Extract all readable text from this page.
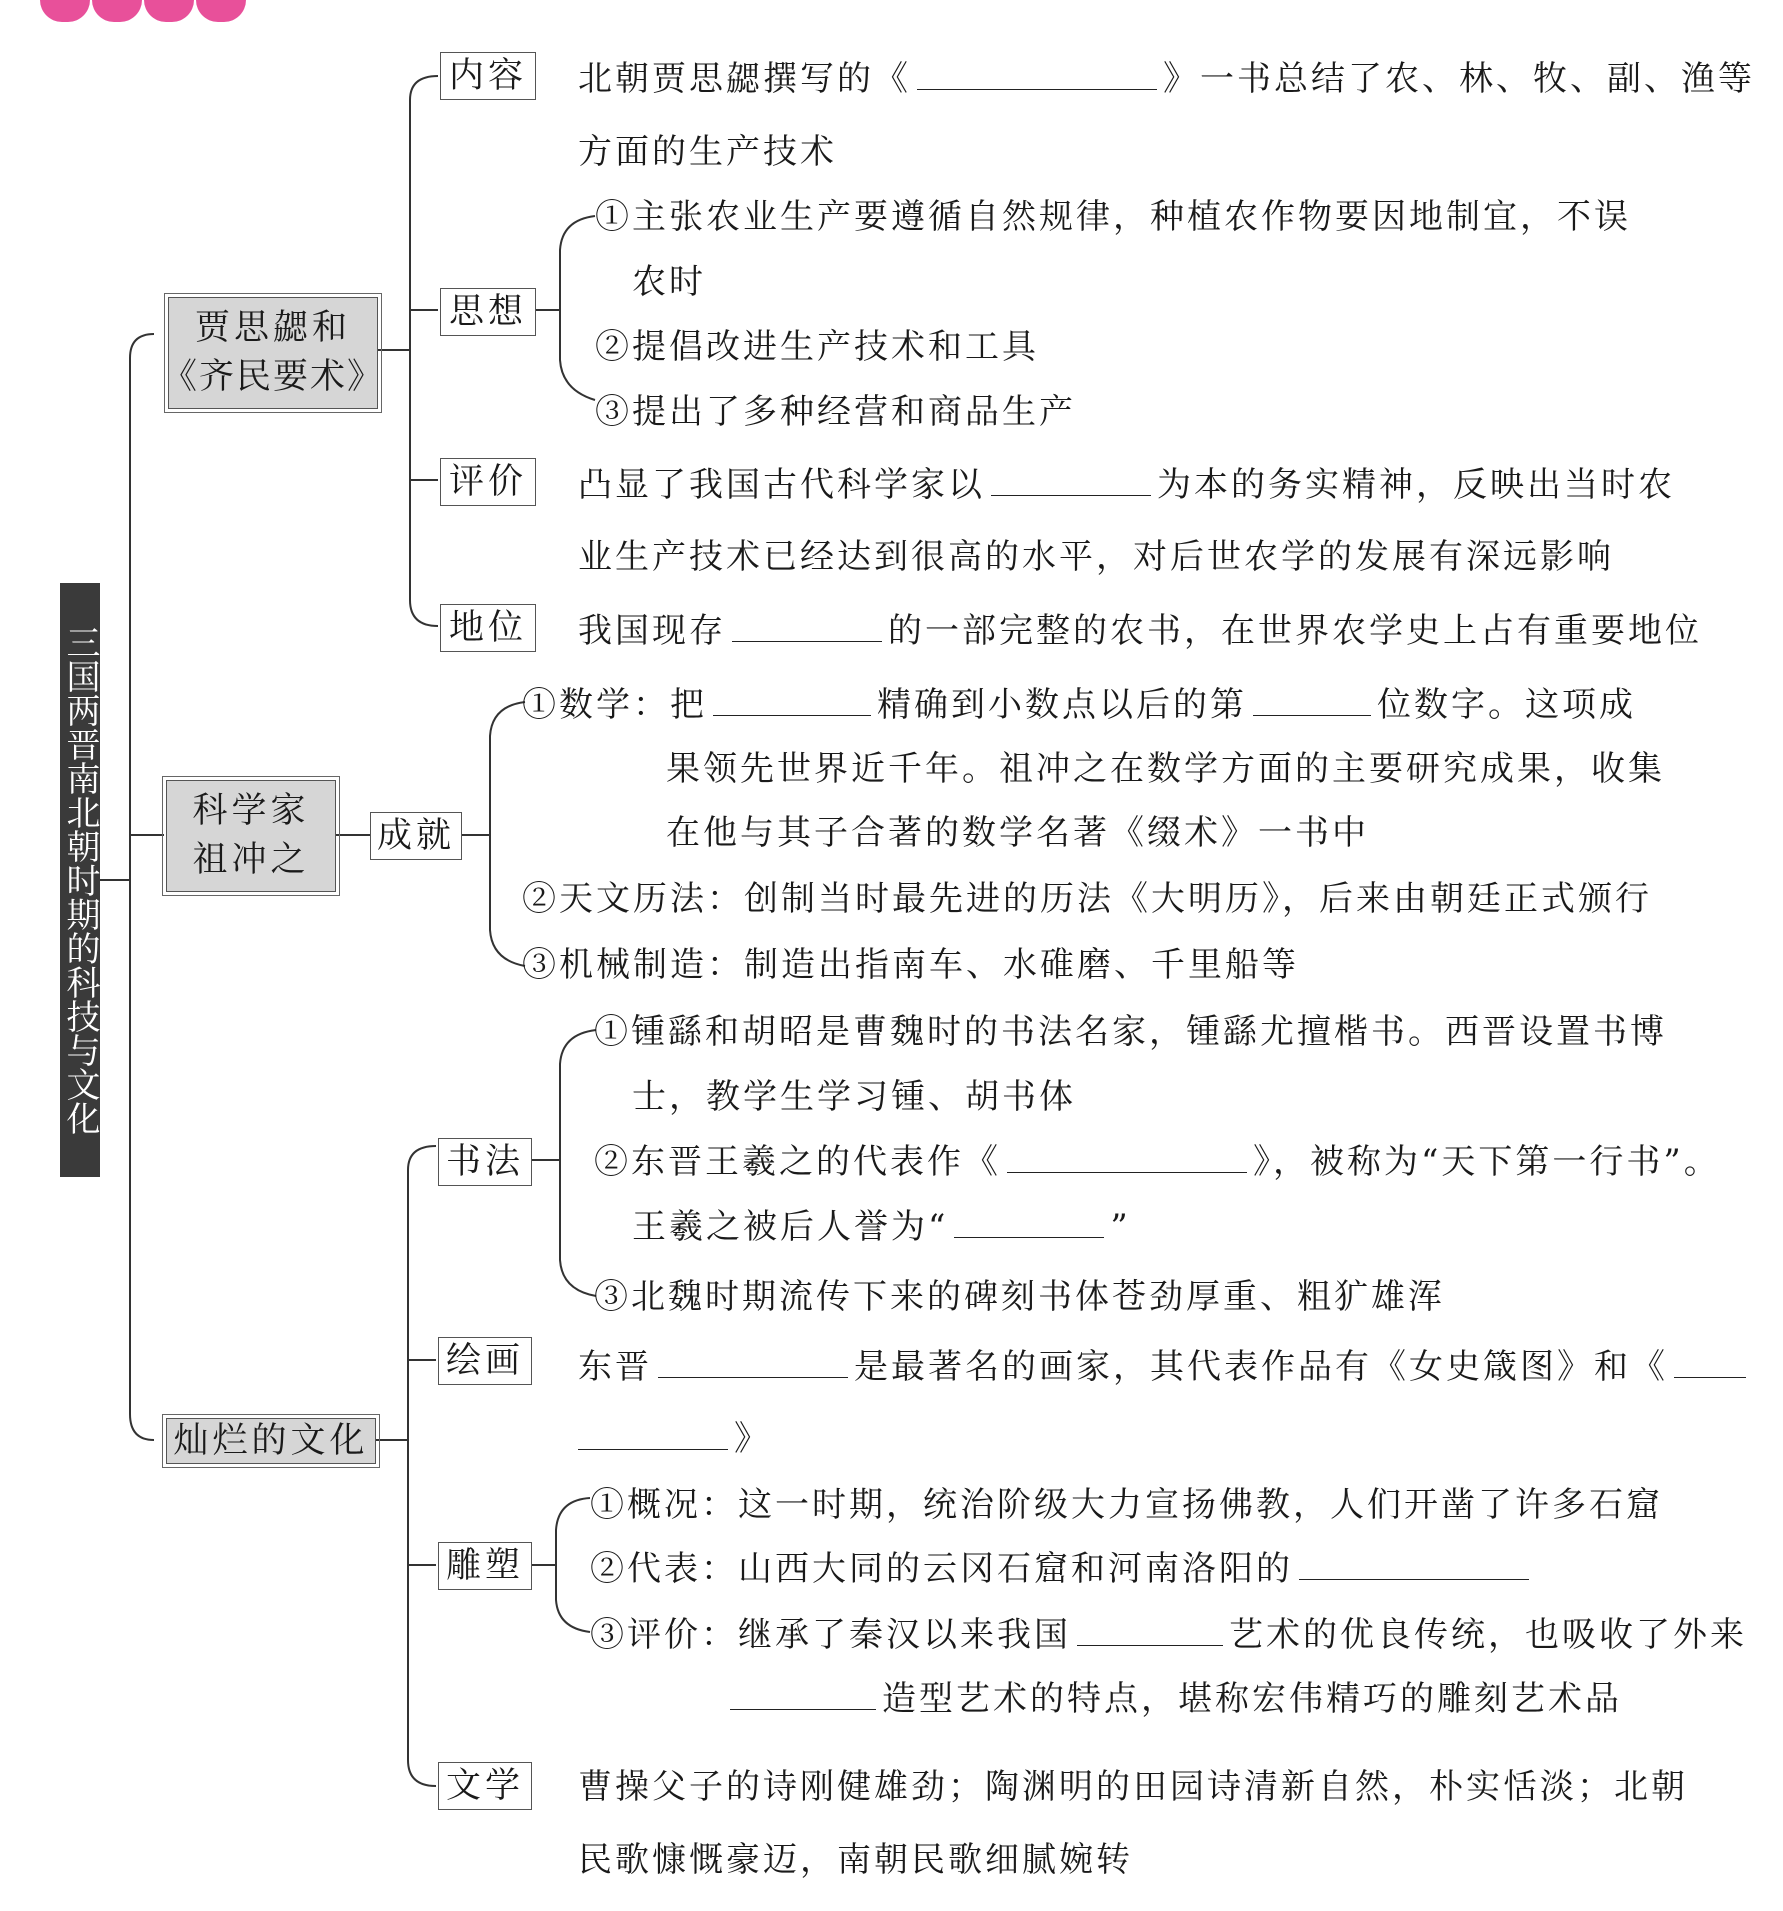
三国两晋南北朝时期的科技与文化
贾思勰和
《齐民要术》
科学家
祖冲之
灿烂的文化
内容
思想
评价
地位
北朝贾思勰撰写的《	》一书总结了农、林、牧、副、渔等
方面的生产技术
①主张农业生产要遵循自然规律，种植农作物要因地制宜，不误
农时
②提倡改进生产技术和工具
③提出了多种经营和商品生产
凸显了我国古代科学家以	为本的务实精神，反映出当时农
业生产技术已经达到很高的水平，对后世农学的发展有深远影响
我国现存	的一部完整的农书，在世界农学史上占有重要地位
成就
①数学：把	精确到小数点以后的第	位数字。这项成
果领先世界近千年。祖冲之在数学方面的主要研究成果，收集
在他与其子合著的数学名著《缀术》一书中
②天文历法：创制当时最先进的历法《大明历》，后来由朝廷正式颁行
③机械制造：制造出指南车、水碓磨、千里船等
书法
绘画
雕塑
文学
①锺繇和胡昭是曹魏时的书法名家，锺繇尤擅楷书。西晋设置书博
士，教学生学习锺、胡书体
②东晋王羲之的代表作《	》，被称为“天下第一行书”。
王羲之被后人誉为“	”
③北魏时期流传下来的碑刻书体苍劲厚重、粗犷雄浑
东晋	是最著名的画家，其代表作品有《女史箴图》和《
》
①概况：这一时期，统治阶级大力宣扬佛教，人们开凿了许多石窟
②代表：山西大同的云冈石窟和河南洛阳的
③评价：继承了秦汉以来我国	艺术的优良传统，也吸收了外来
造型艺术的特点，堪称宏伟精巧的雕刻艺术品
曹操父子的诗刚健雄劲；陶渊明的田园诗清新自然，朴实恬淡；北朝
民歌慷慨豪迈，南朝民歌细腻婉转
